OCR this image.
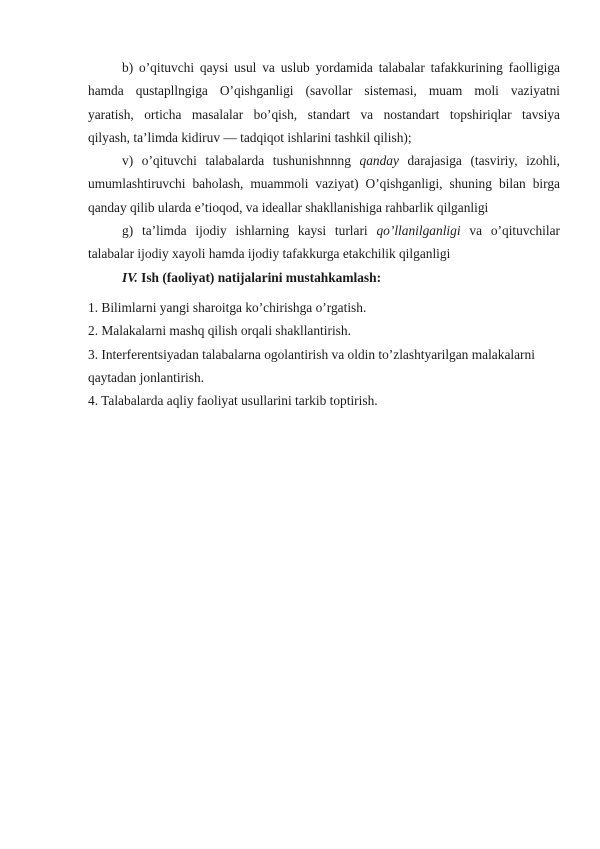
b) o’qituvchi qaysi usul va uslub yordamida talabalar tafakkurining faolligiga
hamda qustapllngiga O’qishganligi (savollar sistemasi, muam moli vaziyatni
yaratish, orticha masalalar bo’qish, standart va nostandart topshiriqlar tavsiya
qilyash, ta’limda kidiruv — tadqiqot ishlarini tashkil qilish);
v) o’qituvchi talabalarda tushunishnnng qanday darajasiga (tasviriy, izohli,
umumlashtiruvchi baholash, muammoli vaziyat) O’qishganligi, shuning bilan birga
qanday qilib ularda e’tioqod, va ideallar shakllanishiga rahbarlik qilganligi
g) ta’limda ijodiy ishlarning kaysi turlari qo’llanilganligi va o’qituvchilar
talabalar ijodiy xayoli hamda ijodiy tafakkurga etakchilik qilganligi
IV. Ish (faoliyat) natijalarini mustahkamlash:
1. Bilimlarni yangi sharoitga ko’chirishga o’rgatish.
2. Malakalarni mashq qilish orqali shakllantirish.
3. Interferentsiyadan talabalarna ogolantirish va oldin to’zlashtyarilgan malakalarni
qaytadan jonlantirish.
4. Talabalarda aqliy faoliyat usullarini tarkib toptirish.
